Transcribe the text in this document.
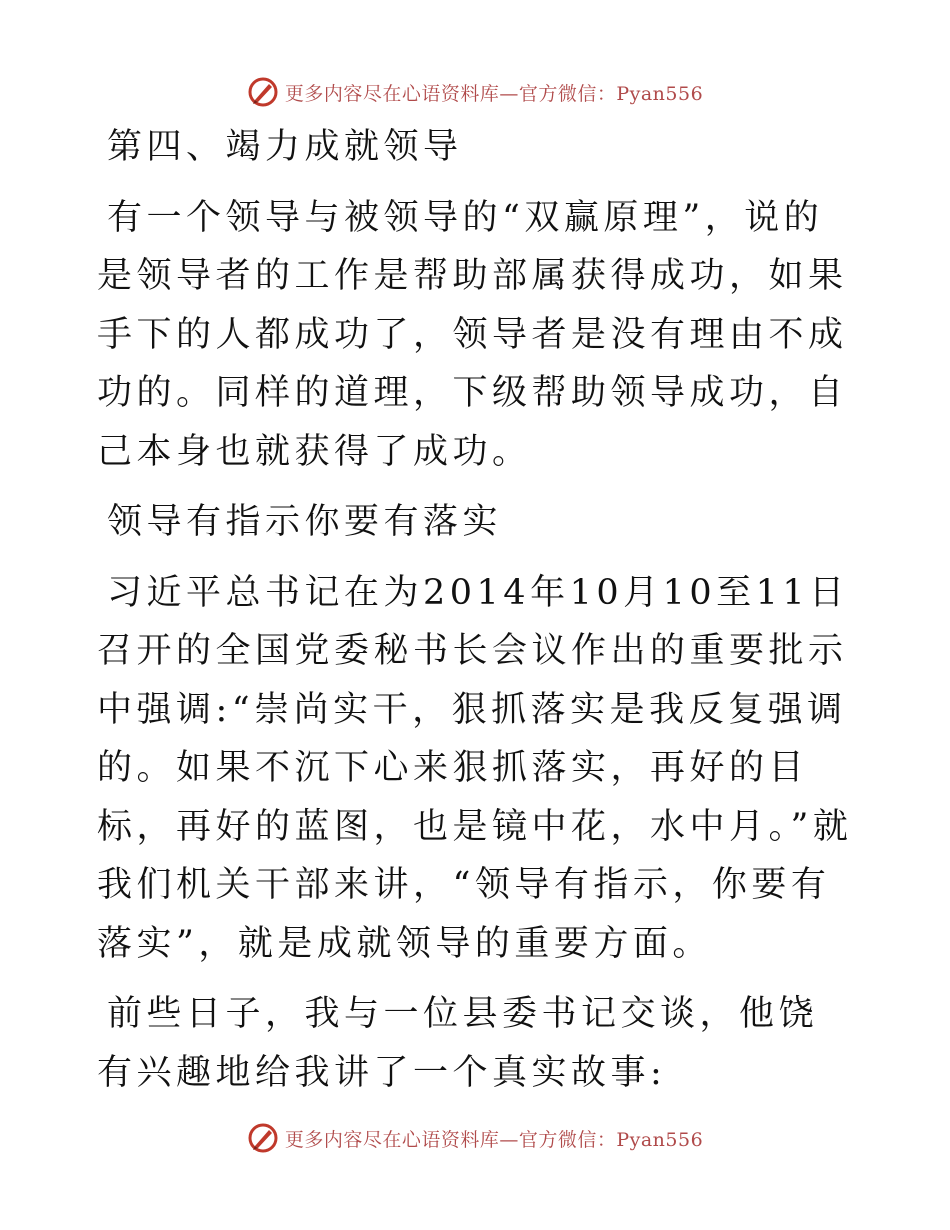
更多内容尽在心语资料库—官方微信：Pyan556

第四、竭力成就领导

有一个领导与被领导的“双赢原理”，说的是领导者的工作是帮助部属获得成功，如果手下的人都成功了，领导者是没有理由不成功的。同样的道理，下级帮助领导成功，自己本身也就获得了成功。

领导有指示你要有落实

习近平总书记在为2014年10月10至11日召开的全国党委秘书长会议作出的重要批示中强调:“崇尚实干，狠抓落实是我反复强调的。如果不沉下心来狠抓落实，再好的目标，再好的蓝图，也是镜中花，水中月。”就我们机关干部来讲，“领导有指示，你要有落实”，就是成就领导的重要方面。

前些日子，我与一位县委书记交谈，他饶有兴趣地给我讲了一个真实故事:

更多内容尽在心语资料库—官方微信：Pyan556
